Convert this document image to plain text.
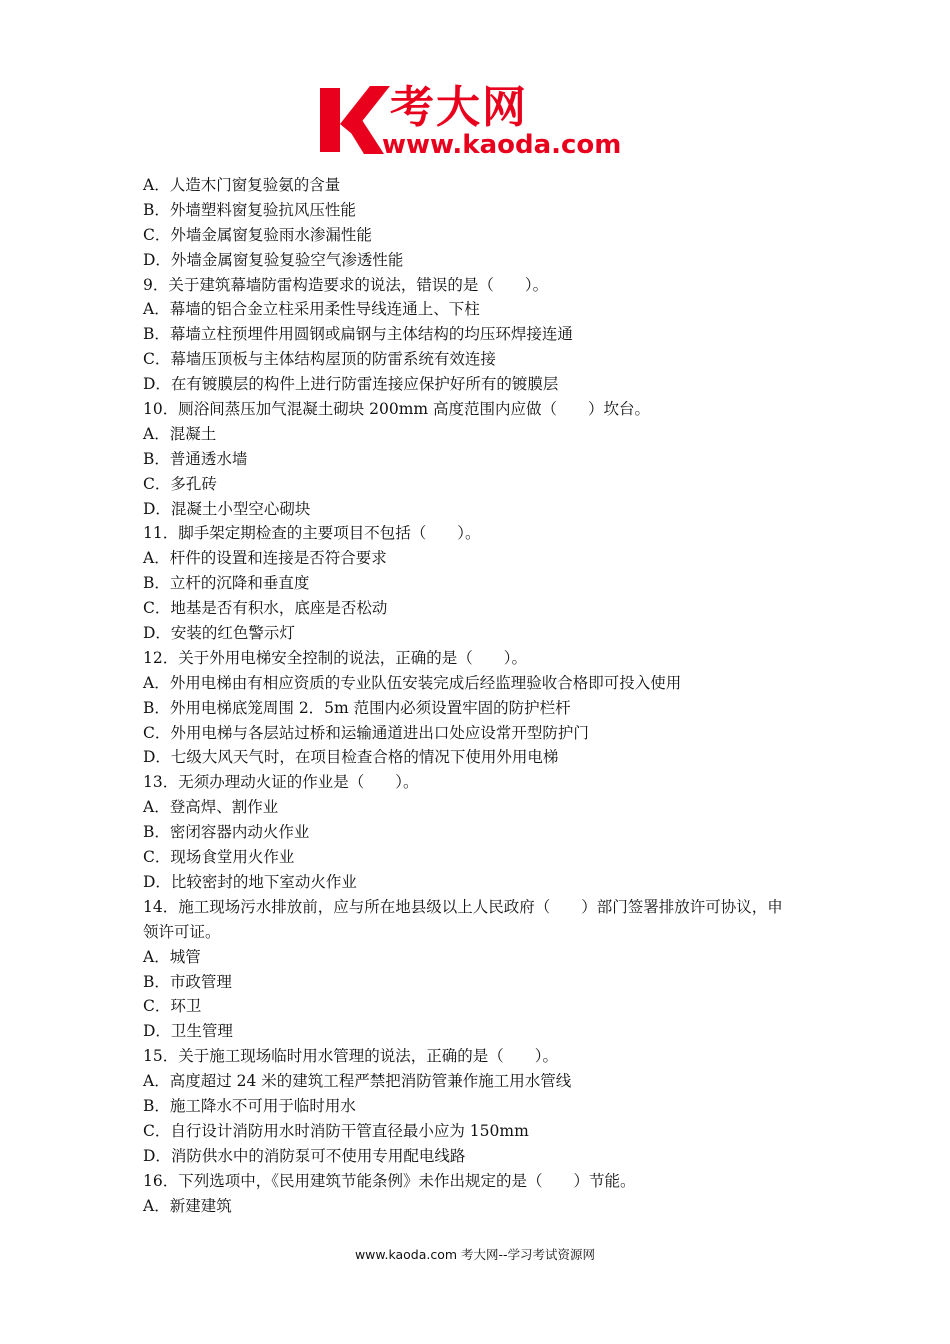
考大网
www.kaoda.com
A．人造木门窗复验氨的含量
B．外墙塑料窗复验抗风压性能
C．外墙金属窗复验雨水渗漏性能
D．外墙金属窗复验复验空气渗透性能
9．关于建筑幕墙防雷构造要求的说法，错误的是（　　）。
A．幕墙的铝合金立柱采用柔性导线连通上、下柱
B．幕墙立柱预埋件用圆钢或扁钢与主体结构的均压环焊接连通
C．幕墙压顶板与主体结构屋顶的防雷系统有效连接
D．在有镀膜层的构件上进行防雷连接应保护好所有的镀膜层
10．厕浴间蒸压加气混凝土砌块 200mm 高度范围内应做（　　）坎台。
A．混凝土
B．普通透水墙
C．多孔砖
D．混凝土小型空心砌块
11．脚手架定期检查的主要项目不包括（　　）。
A．杆件的设置和连接是否符合要求
B．立杆的沉降和垂直度
C．地基是否有积水，底座是否松动
D．安装的红色警示灯
12．关于外用电梯安全控制的说法，正确的是（　　）。
A．外用电梯由有相应资质的专业队伍安装完成后经监理验收合格即可投入使用
B．外用电梯底笼周围 2．5m 范围内必须设置牢固的防护栏杆
C．外用电梯与各层站过桥和运输通道进出口处应设常开型防护门
D．七级大风天气时，在项目检查合格的情况下使用外用电梯
13．无须办理动火证的作业是（　　）。
A．登高焊、割作业
B．密闭容器内动火作业
C．现场食堂用火作业
D．比较密封的地下室动火作业
14．施工现场污水排放前，应与所在地县级以上人民政府（　　）部门签署排放许可协议，申
领许可证。
A．城管
B．市政管理
C．环卫
D．卫生管理
15．关于施工现场临时用水管理的说法，正确的是（　　）。
A．高度超过 24 米的建筑工程严禁把消防管兼作施工用水管线
B．施工降水不可用于临时用水
C．自行设计消防用水时消防干管直径最小应为 150mm
D．消防供水中的消防泵可不使用专用配电线路
16．下列选项中，《民用建筑节能条例》未作出规定的是（　　）节能。
A．新建建筑
www.kaoda.com 考大网--学习考试资源网
